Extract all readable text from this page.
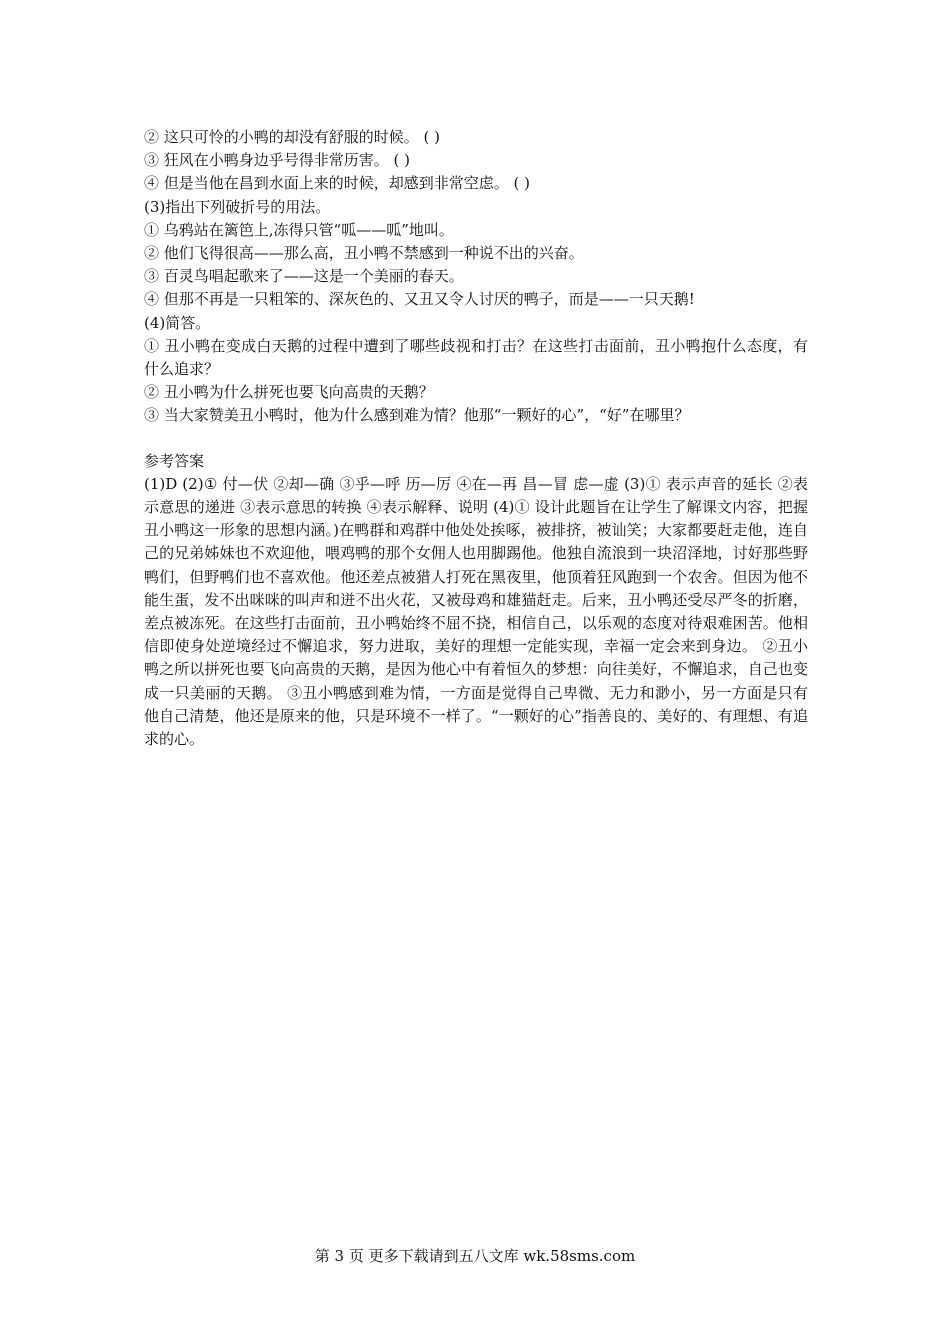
② 这只可怜的小鸭的却没有舒服的时候。 ( )

③ 狂风在小鸭身边乎号得非常历害。 ( )

④ 但是当他在昌到水面上来的时候，却感到非常空虑。 ( )

(3)指出下列破折号的用法。

① 乌鸦站在篱笆上,冻得只管“呱——呱”地叫。

② 他们飞得很高——那么高，丑小鸭不禁感到一种说不出的兴奋。

③ 百灵鸟唱起歌来了——这是一个美丽的春天。

④ 但那不再是一只粗笨的、深灰色的、又丑又令人讨厌的鸭子，而是——一只天鹅!

(4)简答。

① 丑小鸭在变成白天鹅的过程中遭到了哪些歧视和打击？在这些打击面前，丑小鸭抱什么态度，有什么追求？

② 丑小鸭为什么拼死也要飞向高贵的天鹅？

③ 当大家赞美丑小鸭时，他为什么感到难为情？他那“一颗好的心”，“好”在哪里？

参考答案

(1)D (2)① 付—伏 ②却—确 ③乎—呼 历—厉 ④在—再 昌—冒 虑—虚 (3)① 表示声音的延长 ②表示意思的递进 ③表示意思的转换 ④表示解释、说明 (4)① 设计此题旨在让学生了解课文内容，把握丑小鸭这一形象的思想内涵。)在鸭群和鸡群中他处处挨啄，被排挤，被讪笑；大家都要赶走他，连自己的兄弟姊妹也不欢迎他，喂鸡鸭的那个女佣人也用脚踢他。他独自流浪到一块沼泽地，讨好那些野鸭们，但野鸭们也不喜欢他。他还差点被猎人打死在黑夜里，他顶着狂风跑到一个农舍。但因为他不能生蛋，发不出咪咪的叫声和迸不出火花，又被母鸡和雄猫赶走。后来，丑小鸭还受尽严冬的折磨，差点被冻死。在这些打击面前，丑小鸭始终不屈不挠，相信自己，以乐观的态度对待艰难困苦。他相信即使身处逆境经过不懈追求，努力进取，美好的理想一定能实现，幸福一定会来到身边。 ②丑小鸭之所以拼死也要飞向高贵的天鹅，是因为他心中有着恒久的梦想：向往美好，不懈追求，自己也变成一只美丽的天鹅。 ③丑小鸭感到难为情，一方面是觉得自己卑微、无力和渺小，另一方面是只有他自己清楚，他还是原来的他，只是环境不一样了。“一颗好的心”指善良的、美好的、有理想、有追求的心。

第 3 页 更多下载请到五八文库 wk.58sms.com
